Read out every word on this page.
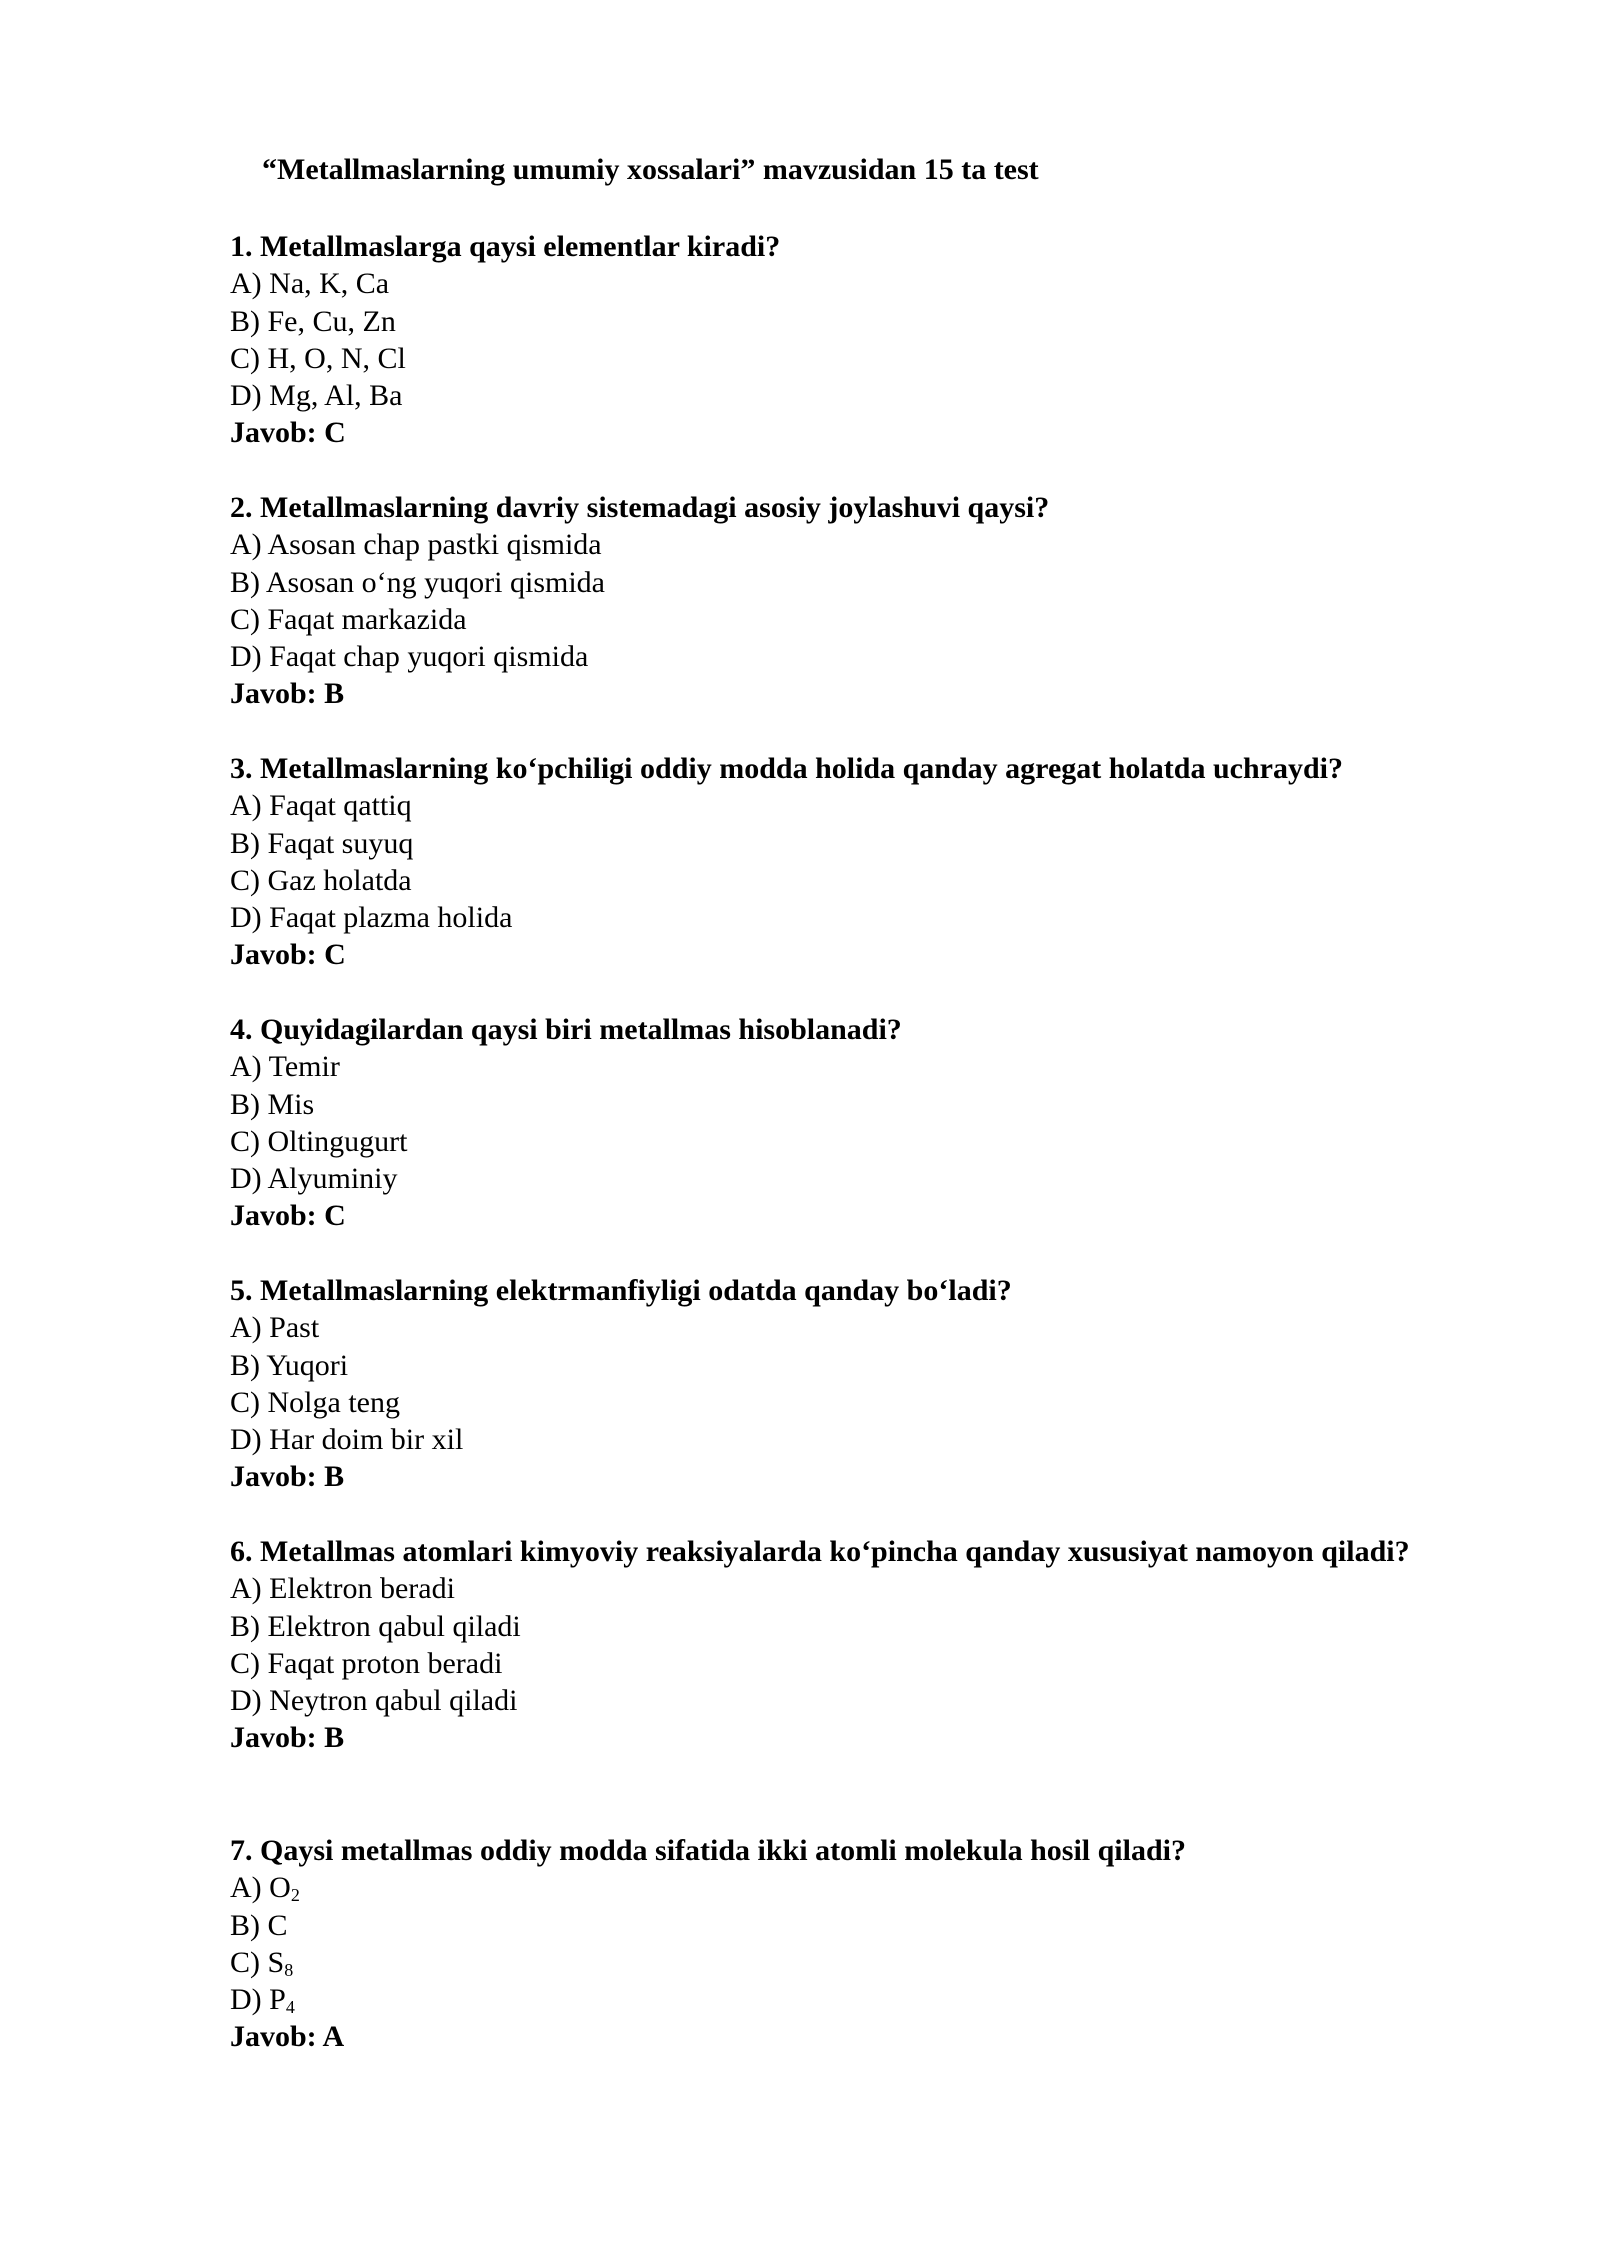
“Metallmaslarning umumiy xossalari” mavzusidan 15 ta test
1. Metallmaslarga qaysi elementlar kiradi?
A) Na, K, Ca
B) Fe, Cu, Zn
C) H, O, N, Cl
D) Mg, Al, Ba
Javob: C
2. Metallmaslarning davriy sistemadagi asosiy joylashuvi qaysi?
A) Asosan chap pastki qismida
B) Asosan o‘ng yuqori qismida
C) Faqat markazida
D) Faqat chap yuqori qismida
Javob: B
3. Metallmaslarning ko‘pchiligi oddiy modda holida qanday agregat holatda uchraydi?
A) Faqat qattiq
B) Faqat suyuq
C) Gaz holatda
D) Faqat plazma holida
Javob: C
4. Quyidagilardan qaysi biri metallmas hisoblanadi?
A) Temir
B) Mis
C) Oltingugurt
D) Alyuminiy
Javob: C
5. Metallmaslarning elektrmanfiyligi odatda qanday bo‘ladi?
A) Past
B) Yuqori
C) Nolga teng
D) Har doim bir xil
Javob: B
6. Metallmas atomlari kimyoviy reaksiyalarda ko‘pincha qanday xususiyat namoyon qiladi?
A) Elektron beradi
B) Elektron qabul qiladi
C) Faqat proton beradi
D) Neytron qabul qiladi
Javob: B
7. Qaysi metallmas oddiy modda sifatida ikki atomli molekula hosil qiladi?
A) $O_2$
B) C
C) $S_8$
D) $P_4$
Javob: A
